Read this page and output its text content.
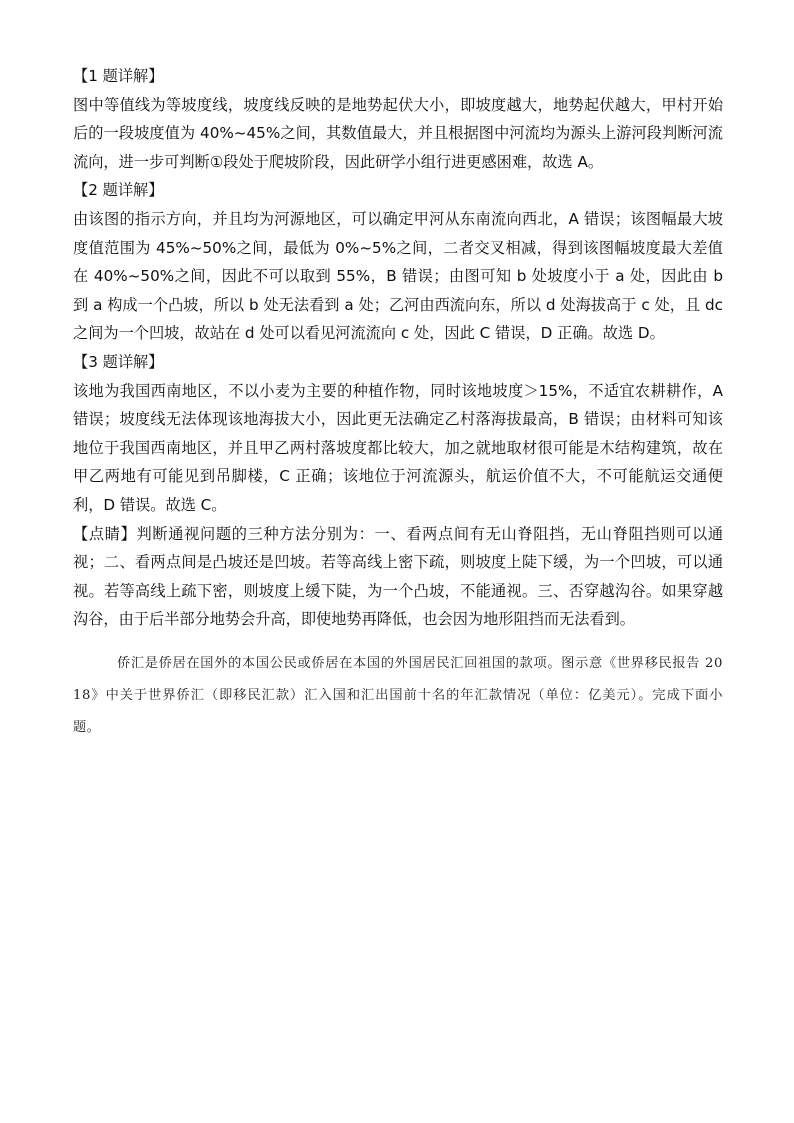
【1 题详解】

图中等值线为等坡度线，坡度线反映的是地势起伏大小，即坡度越大，地势起伏越大，甲村开始后的一段坡度值为 40%~45%之间，其数值最大，并且根据图中河流均为源头上游河段判断河流流向，进一步可判断①段处于爬坡阶段，因此研学小组行进更感困难，故选 A。

【2 题详解】

由该图的指示方向，并且均为河源地区，可以确定甲河从东南流向西北，A 错误；该图幅最大坡度值范围为 45%~50%之间，最低为 0%~5%之间，二者交叉相减，得到该图幅坡度最大差值在 40%~50%之间，因此不可以取到 55%，B 错误；由图可知 b 处坡度小于 a 处，因此由 b 到 a 构成一个凸坡，所以 b 处无法看到 a 处；乙河由西流向东，所以 d 处海拔高于 c 处，且 dc 之间为一个凹坡，故站在 d 处可以看见河流流向 c 处，因此 C 错误，D 正确。故选 D。

【3 题详解】

该地为我国西南地区，不以小麦为主要的种植作物，同时该地坡度＞15%，不适宜农耕耕作，A 错误；坡度线无法体现该地海拔大小，因此更无法确定乙村落海拔最高，B 错误；由材料可知该地位于我国西南地区，并且甲乙两村落坡度都比较大，加之就地取材很可能是木结构建筑，故在甲乙两地有可能见到吊脚楼，C 正确；该地位于河流源头，航运价值不大，不可能航运交通便利，D 错误。故选 C。

【点睛】判断通视问题的三种方法分别为：一、看两点间有无山脊阻挡，无山脊阻挡则可以通视；二、看两点间是凸坡还是凹坡。若等高线上密下疏，则坡度上陡下缓，为一个凹坡，可以通视。若等高线上疏下密，则坡度上缓下陡，为一个凸坡，不能通视。三、否穿越沟谷。如果穿越沟谷，由于后半部分地势会升高，即使地势再降低，也会因为地形阻挡而无法看到。

侨汇是侨居在国外的本国公民或侨居在本国的外国居民汇回祖国的款项。图示意《世界移民报告 2018》中关于世界侨汇（即移民汇款）汇入国和汇出国前十名的年汇款情况（单位：亿美元）。完成下面小题。
